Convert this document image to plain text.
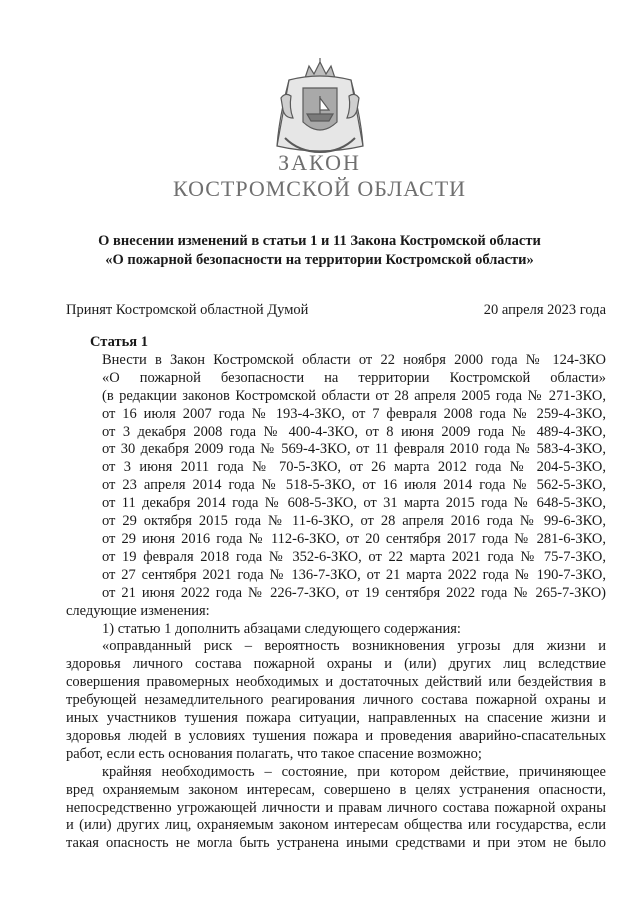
ЗАКОН
КОСТРОМСКОЙ ОБЛАСТИ

О внесении изменений в статьи 1 и 11 Закона Костромской области

«О пожарной безопасности на территории Костромской области»

Принят Костромской областной Думой	20 апреля 2023 года
Статья 1
Внести в Закон Костромской области от 22 ноября 2000 года № 124-ЗКО
«О пожарной безопасности на территории Костромской области»
(в редакции законов Костромской области от 28 апреля 2005 года № 271-ЗКО,
от 16 июля 2007 года № 193-4-ЗКО, от 7 февраля 2008 года № 259-4-ЗКО,
от 3 декабря 2008 года № 400-4-ЗКО, от 8 июня 2009 года № 489-4-ЗКО,
от 30 декабря 2009 года № 569-4-ЗКО, от 11 февраля 2010 года № 583-4-ЗКО,
от 3 июня 2011 года № 70-5-ЗКО, от 26 марта 2012 года № 204-5-ЗКО,
от 23 апреля 2014 года № 518-5-ЗКО, от 16 июля 2014 года № 562-5-ЗКО,
от 11 декабря 2014 года № 608-5-ЗКО, от 31 марта 2015 года № 648-5-ЗКО,
от 29 октября 2015 года № 11-6-ЗКО, от 28 апреля 2016 года № 99-6-ЗКО,
от 29 июня 2016 года № 112-6-ЗКО, от 20 сентября 2017 года № 281-6-ЗКО,
от 19 февраля 2018 года № 352-6-ЗКО, от 22 марта 2021 года № 75-7-ЗКО,
от 27 сентября 2021 года № 136-7-ЗКО, от 21 марта 2022 года № 190-7-ЗКО,
от 21 июня 2022 года № 226-7-ЗКО, от 19 сентября 2022 года № 265-7-ЗКО)
следующие изменения:
1) статью 1 дополнить абзацами следующего содержания:
«оправданный риск – вероятность возникновения угрозы для жизни и
здоровья личного состава пожарной охраны и (или) других лиц вследствие
совершения правомерных необходимых и достаточных действий или бездействия в
требующей незамедлительного реагирования личного состава пожарной охраны и
иных участников тушения пожара ситуации, направленных на спасение жизни и
здоровья людей в условиях тушения пожара и проведения аварийно-спасательных
работ, если есть основания полагать, что такое спасение возможно;
крайняя необходимость – состояние, при котором действие, причиняющее
вред охраняемым законом интересам, совершено в целях устранения опасности,
непосредственно угрожающей личности и правам личного состава пожарной охраны
и (или) других лиц, охраняемым законом интересам общества или государства, если
такая опасность не могла быть устранена иными средствами и при этом не было
